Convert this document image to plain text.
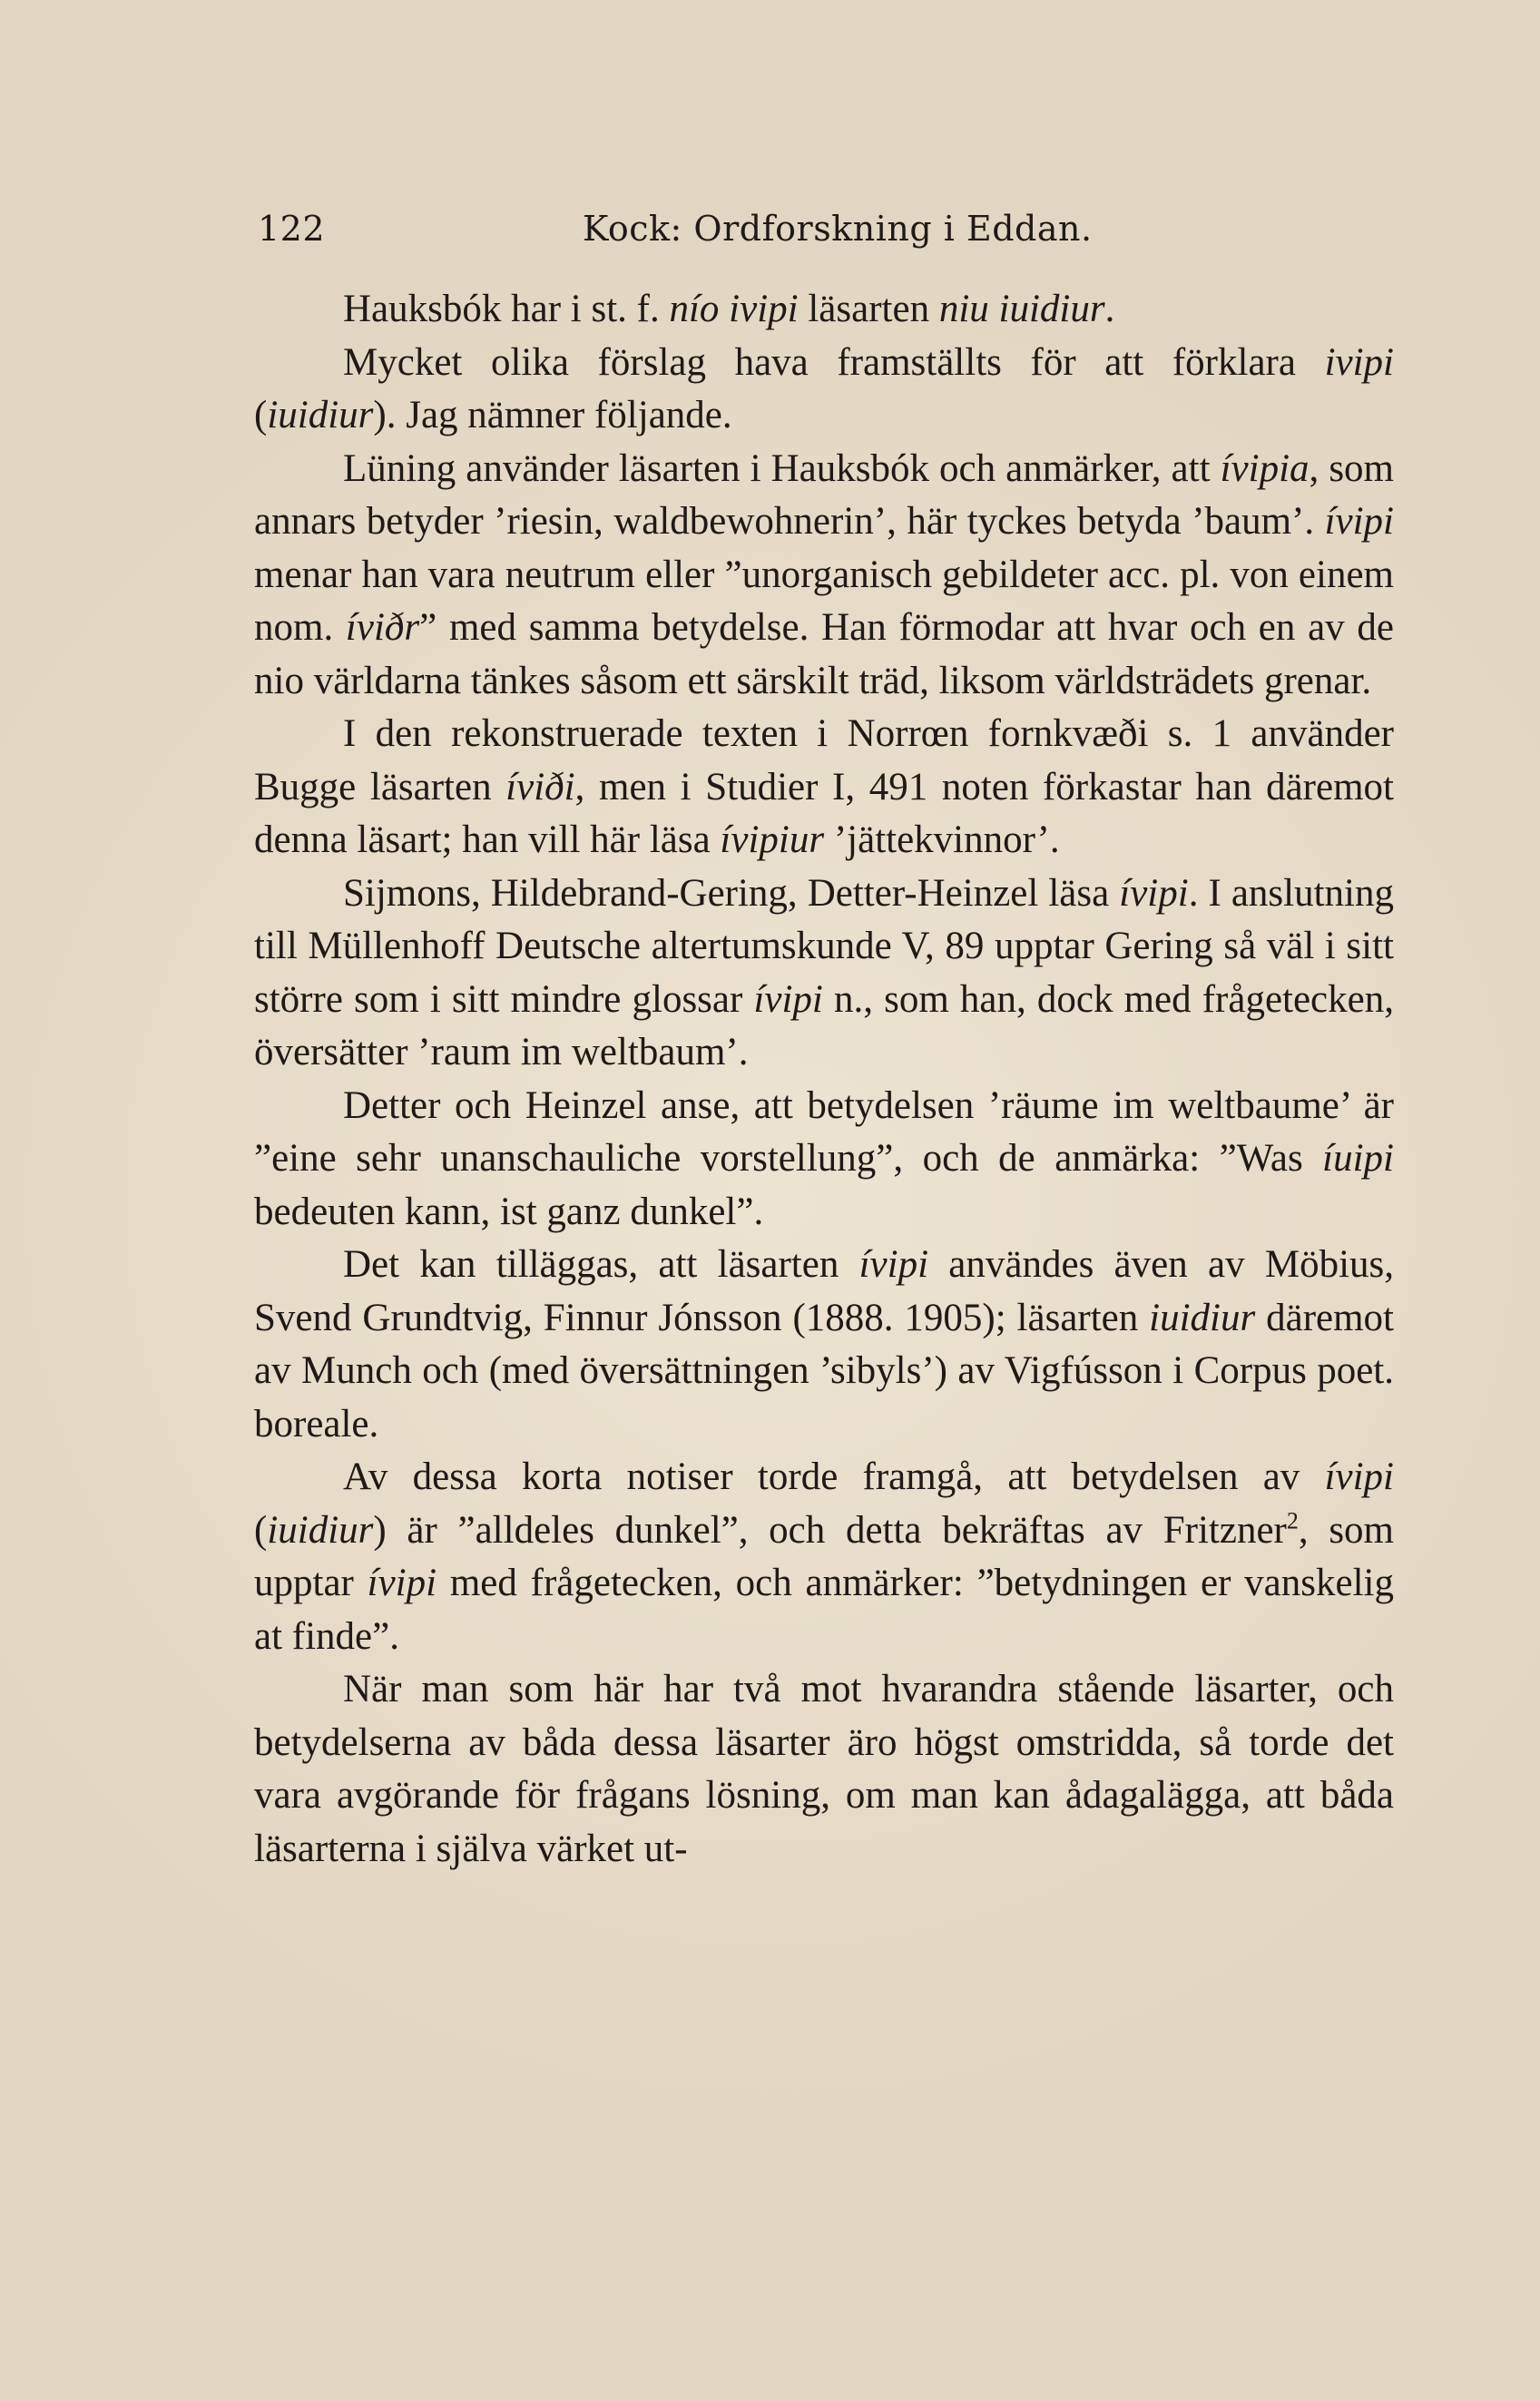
122	Kock: Ordforskning i Eddan.

Hauksbók har i st. f. nío ivipi läsarten niu iuidiur.

Mycket olika förslag hava framställts för att förklara ivipi (iuidiur). Jag nämner följande.

Lüning använder läsarten i Hauksbók och anmärker, att ívipia, som annars betyder ’riesin, waldbewohnerin’, här tyckes betyda ’baum’. ívipi menar han vara neutrum eller ”unorganisch gebildeter acc. pl. von einem nom. íviðr” med samma betydelse. Han förmodar att hvar och en av de nio världarna tänkes såsom ett särskilt träd, liksom världsträdets grenar.

I den rekonstruerade texten i Norrœn fornkvæði s. 1 använder Bugge läsarten íviði, men i Studier I, 491 noten förkastar han däremot denna läsart; han vill här läsa ívipiur ’jättekvinnor’.

Sijmons, Hildebrand-Gering, Detter-Heinzel läsa ívipi. I anslutning till Müllenhoff Deutsche altertumskunde V, 89 upptar Gering så väl i sitt större som i sitt mindre glossar ívipi n., som han, dock med frågetecken, översätter ’raum im weltbaum’.

Detter och Heinzel anse, att betydelsen ’räume im weltbaume’ är ”eine sehr unanschauliche vorstellung”, och de anmärka: ”Was íuipi bedeuten kann, ist ganz dunkel”.

Det kan tilläggas, att läsarten ívipi användes även av Möbius, Svend Grundtvig, Finnur Jónsson (1888. 1905); läsarten iuidiur däremot av Munch och (med översättningen ’sibyls’) av Vigfússon i Corpus poet. boreale.

Av dessa korta notiser torde framgå, att betydelsen av ívipi (iuidiur) är ”alldeles dunkel”, och detta bekräftas av Fritzner$^2$, som upptar ívipi med frågetecken, och anmärker: ”betydningen er vanskelig at finde”.

När man som här har två mot hvarandra stående läsarter, och betydelserna av båda dessa läsarter äro högst omstridda, så torde det vara avgörande för frågans lösning, om man kan ådagalägga, att båda läsarterna i själva värket ut-
